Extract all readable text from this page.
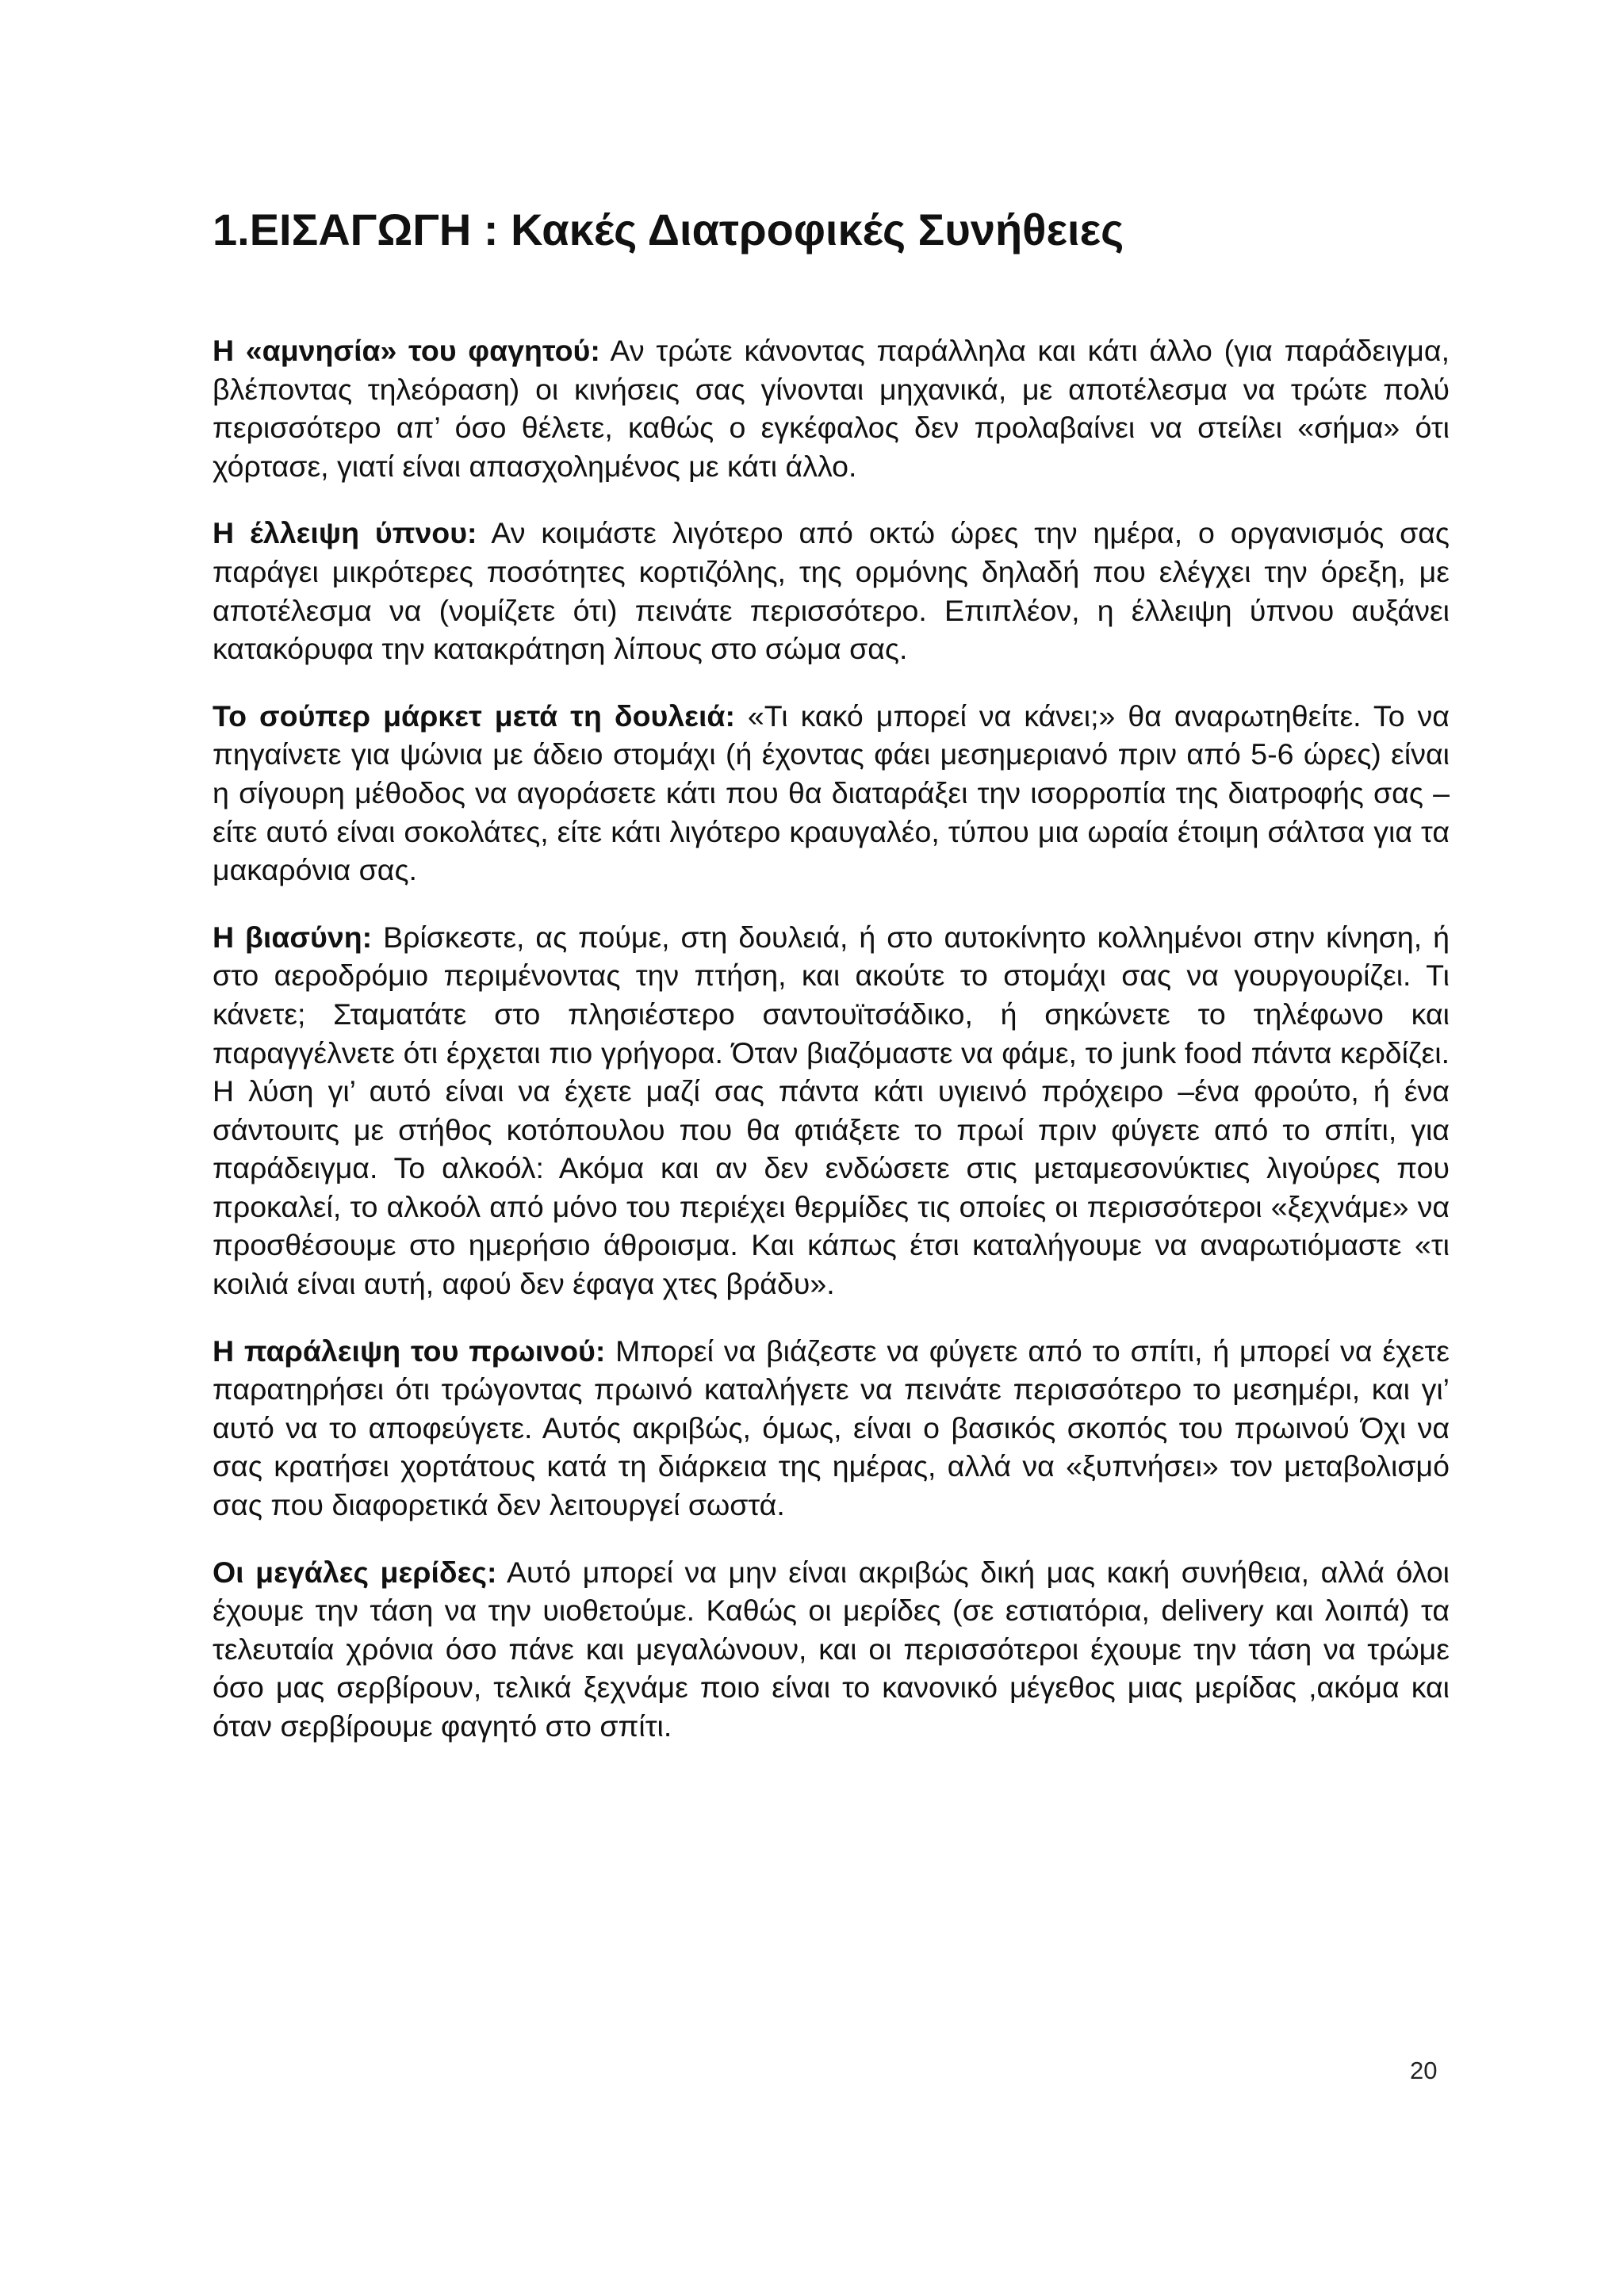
1.ΕΙΣΑΓΩΓΗ : Κακές Διατροφικές Συνήθειες

Η «αμνησία» του φαγητού: Αν τρώτε κάνοντας παράλληλα και κάτι άλλο (για παράδειγμα, βλέποντας τηλεόραση) οι κινήσεις σας γίνονται μηχανικά, με αποτέλεσμα να τρώτε πολύ περισσότερο απ’ όσο θέλετε, καθώς ο εγκέφαλος δεν προλαβαίνει να στείλει «σήμα» ότι χόρτασε, γιατί είναι απασχολημένος με κάτι άλλο.

Η έλλειψη ύπνου: Αν κοιμάστε λιγότερο από οκτώ ώρες την ημέρα, ο οργανισμός σας παράγει μικρότερες ποσότητες κορτιζόλης, της ορμόνης δηλαδή που ελέγχει την όρεξη, με αποτέλεσμα να (νομίζετε ότι) πεινάτε περισσότερο. Επιπλέον, η έλλειψη ύπνου αυξάνει κατακόρυφα την κατακράτηση λίπους στο σώμα σας.

Το σούπερ μάρκετ μετά τη δουλειά: «Τι κακό μπορεί να κάνει;» θα αναρωτηθείτε. Το να πηγαίνετε για ψώνια με άδειο στομάχι (ή έχοντας φάει μεσημεριανό πριν από 5-6 ώρες) είναι η σίγουρη μέθοδος να αγοράσετε κάτι που θα διαταράξει την ισορροπία της διατροφής σας –είτε αυτό είναι σοκολάτες, είτε κάτι λιγότερο κραυγαλέο, τύπου μια ωραία έτοιμη σάλτσα για τα μακαρόνια σας.

Η βιασύνη: Βρίσκεστε, ας πούμε, στη δουλειά, ή στο αυτοκίνητο κολλημένοι στην κίνηση, ή στο αεροδρόμιο περιμένοντας την πτήση, και ακούτε το στομάχι σας να γουργουρίζει. Τι κάνετε; Σταματάτε στο πλησιέστερο σαντουϊτσάδικο, ή σηκώνετε το τηλέφωνο και παραγγέλνετε ότι έρχεται πιο γρήγορα. Όταν βιαζόμαστε να φάμε, το junk food πάντα κερδίζει. Η λύση γι’ αυτό είναι να έχετε μαζί σας πάντα κάτι υγιεινό πρόχειρο –ένα φρούτο, ή ένα σάντουιτς με στήθος κοτόπουλου που θα φτιάξετε το πρωί πριν φύγετε από το σπίτι, για παράδειγμα. Το αλκοόλ: Ακόμα και αν δεν ενδώσετε στις μεταμεσονύκτιες λιγούρες που προκαλεί, το αλκοόλ από μόνο του περιέχει θερμίδες τις οποίες οι περισσότεροι «ξεχνάμε» να προσθέσουμε στο ημερήσιο άθροισμα. Και κάπως έτσι καταλήγουμε να αναρωτιόμαστε «τι κοιλιά είναι αυτή, αφού δεν έφαγα χτες βράδυ».

Η παράλειψη του πρωινού: Μπορεί να βιάζεστε να φύγετε από το σπίτι, ή μπορεί να έχετε παρατηρήσει ότι τρώγοντας πρωινό καταλήγετε να πεινάτε περισσότερο το μεσημέρι, και γι’ αυτό να το αποφεύγετε. Αυτός ακριβώς, όμως, είναι ο βασικός σκοπός του πρωινού Όχι να σας κρατήσει χορτάτους κατά τη διάρκεια της ημέρας, αλλά να «ξυπνήσει» τον μεταβολισμό σας που διαφορετικά δεν λειτουργεί σωστά.

Οι μεγάλες μερίδες: Αυτό μπορεί να μην είναι ακριβώς δική μας κακή συνήθεια, αλλά όλοι έχουμε την τάση να την υιοθετούμε. Καθώς οι μερίδες (σε εστιατόρια, delivery και λοιπά) τα τελευταία χρόνια όσο πάνε και μεγαλώνουν, και οι περισσότεροι έχουμε την τάση να τρώμε όσο μας σερβίρουν, τελικά ξεχνάμε ποιο είναι το κανονικό μέγεθος μιας μερίδας ,ακόμα και όταν σερβίρουμε φαγητό στο σπίτι.

20
